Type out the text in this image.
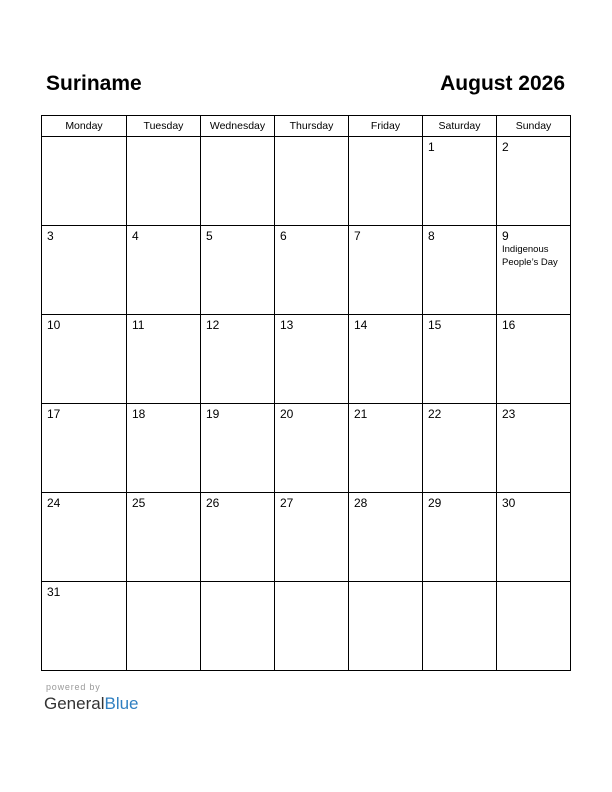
Suriname	August 2026
Monday	Tuesday	Wednesday	Thursday	Friday	Saturday	Sunday

					1	2

3	4	5	6	7	8	9
Indigenous
People’s Day

10	11	12	13	14	15	16

17	18	19	20	21	22	23

24	25	26	27	28	29	30

31						

powered by
GeneralBlue
